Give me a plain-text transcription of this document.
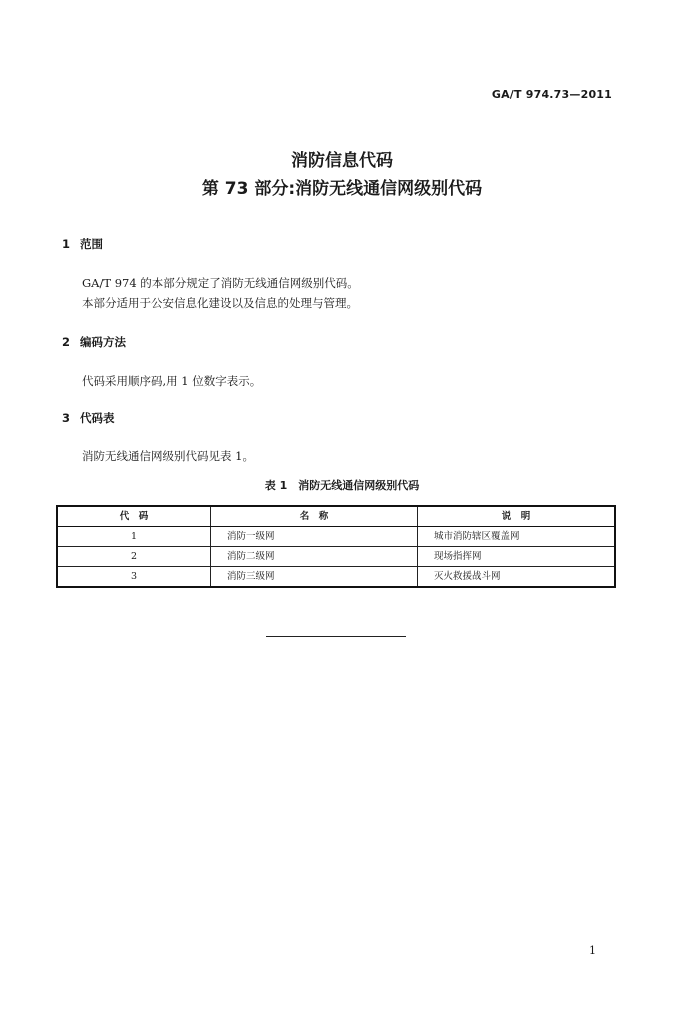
GA/T 974.73—2011
消防信息代码
第 73 部分:消防无线通信网级别代码
1 范围
GA/T 974 的本部分规定了消防无线通信网级别代码。
本部分适用于公安信息化建设以及信息的处理与管理。
2 编码方法
代码采用顺序码,用 1 位数字表示。
3 代码表
消防无线通信网级别代码见表 1。
表 1　消防无线通信网级别代码
代　码	名　称	说　明
1	消防一级网	城市消防辖区覆盖网
2	消防二级网	现场指挥网
3	消防三级网	灭火救援战斗网
1
